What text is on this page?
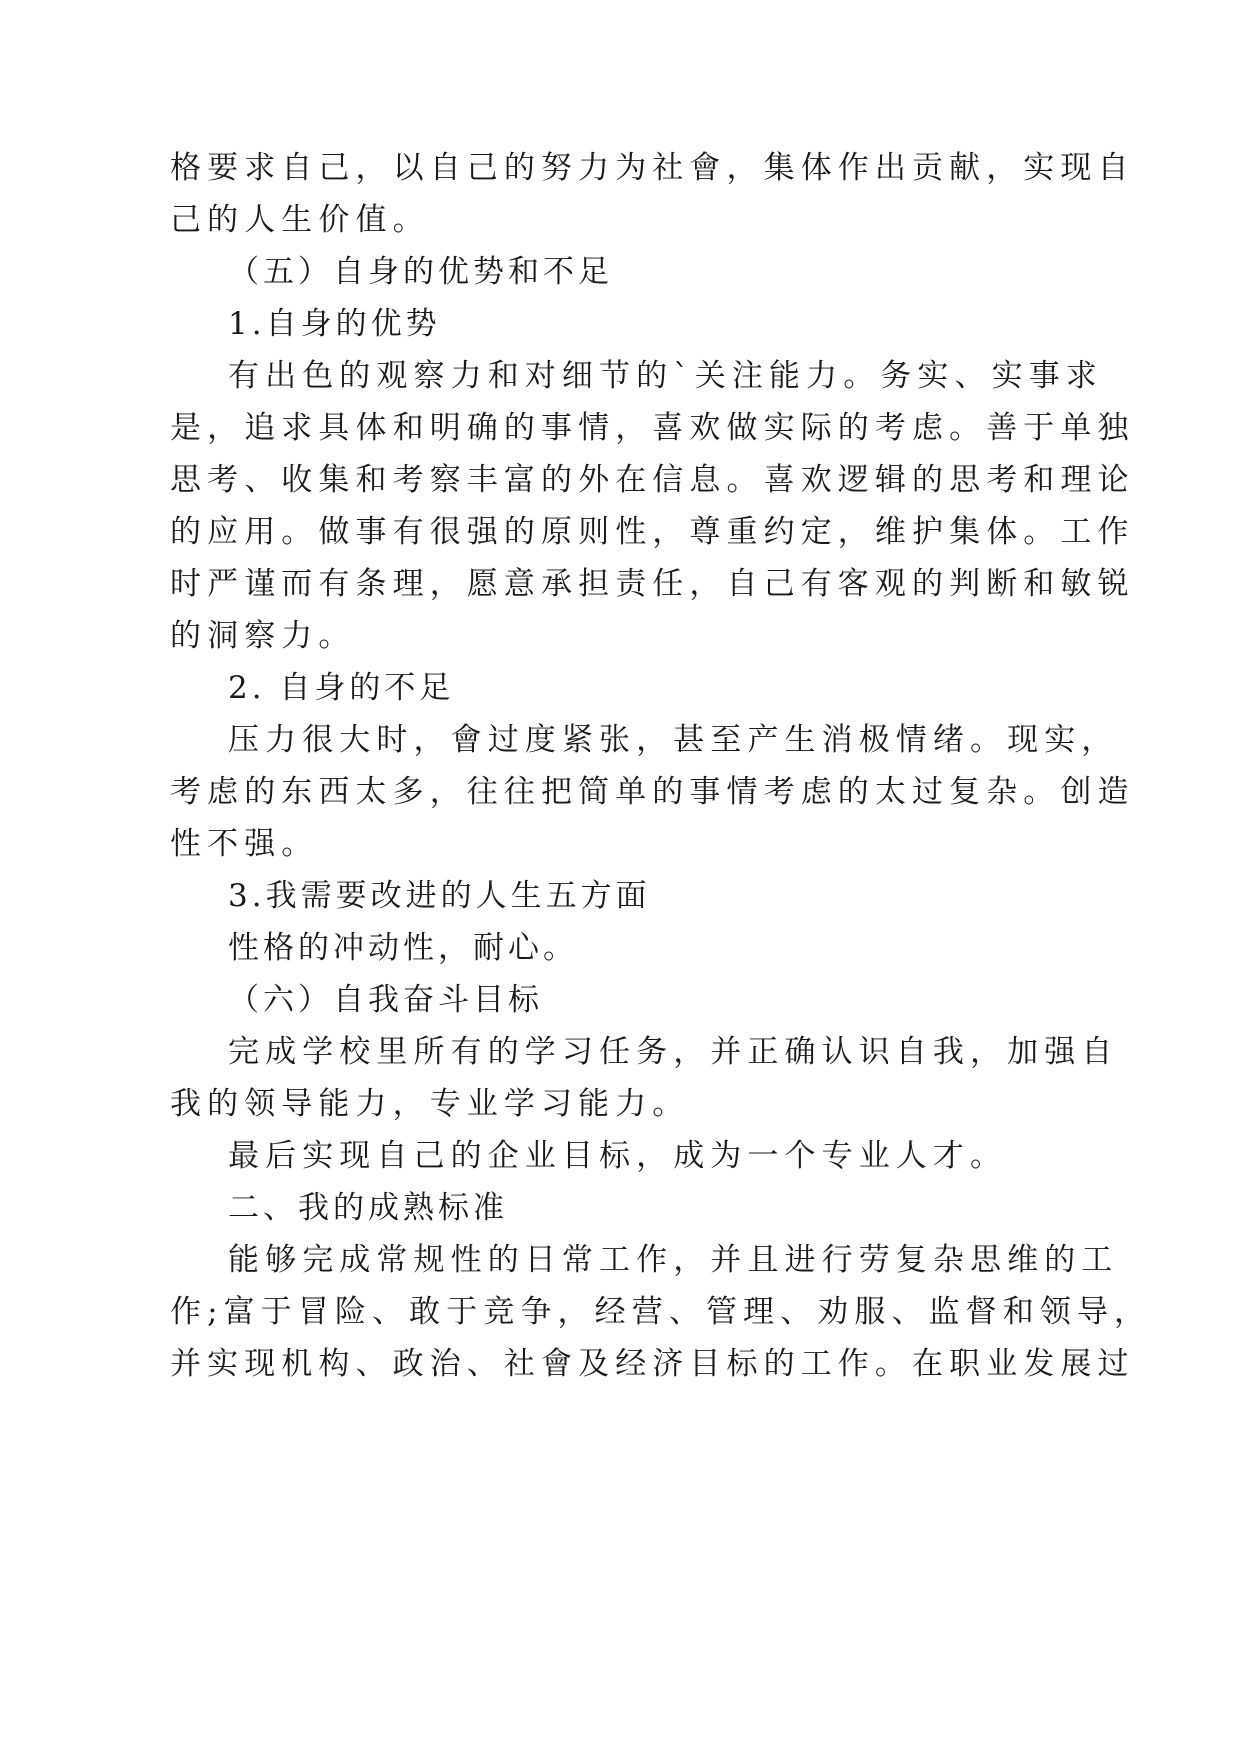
格要求自己，以自己的努力为社會，集体作出贡献，实现自
己的人生价值。
（五）自身的优势和不足
1.自身的优势
有出色的观察力和对细节的`关注能力。务实、实事求
是，追求具体和明确的事情，喜欢做实际的考虑。善于单独
思考、收集和考察丰富的外在信息。喜欢逻辑的思考和理论
的应用。做事有很强的原则性，尊重约定，维护集体。工作
时严谨而有条理，愿意承担责任，自己有客观的判断和敏锐
的洞察力。
2. 自身的不足
压力很大时，會过度紧张，甚至产生消极情绪。现实，
考虑的东西太多，往往把简单的事情考虑的太过复杂。创造
性不强。
3.我需要改进的人生五方面
性格的冲动性，耐心。
（六）自我奋斗目标
完成学校里所有的学习任务，并正确认识自我，加强自
我的领导能力，专业学习能力。
最后实现自己的企业目标，成为一个专业人才。
二、我的成熟标准
能够完成常规性的日常工作，并且进行劳复杂思维的工
作;富于冒险、敢于竞争，经营、管理、劝服、监督和领导，
并实现机构、政治、社會及经济目标的工作。在职业发展过
